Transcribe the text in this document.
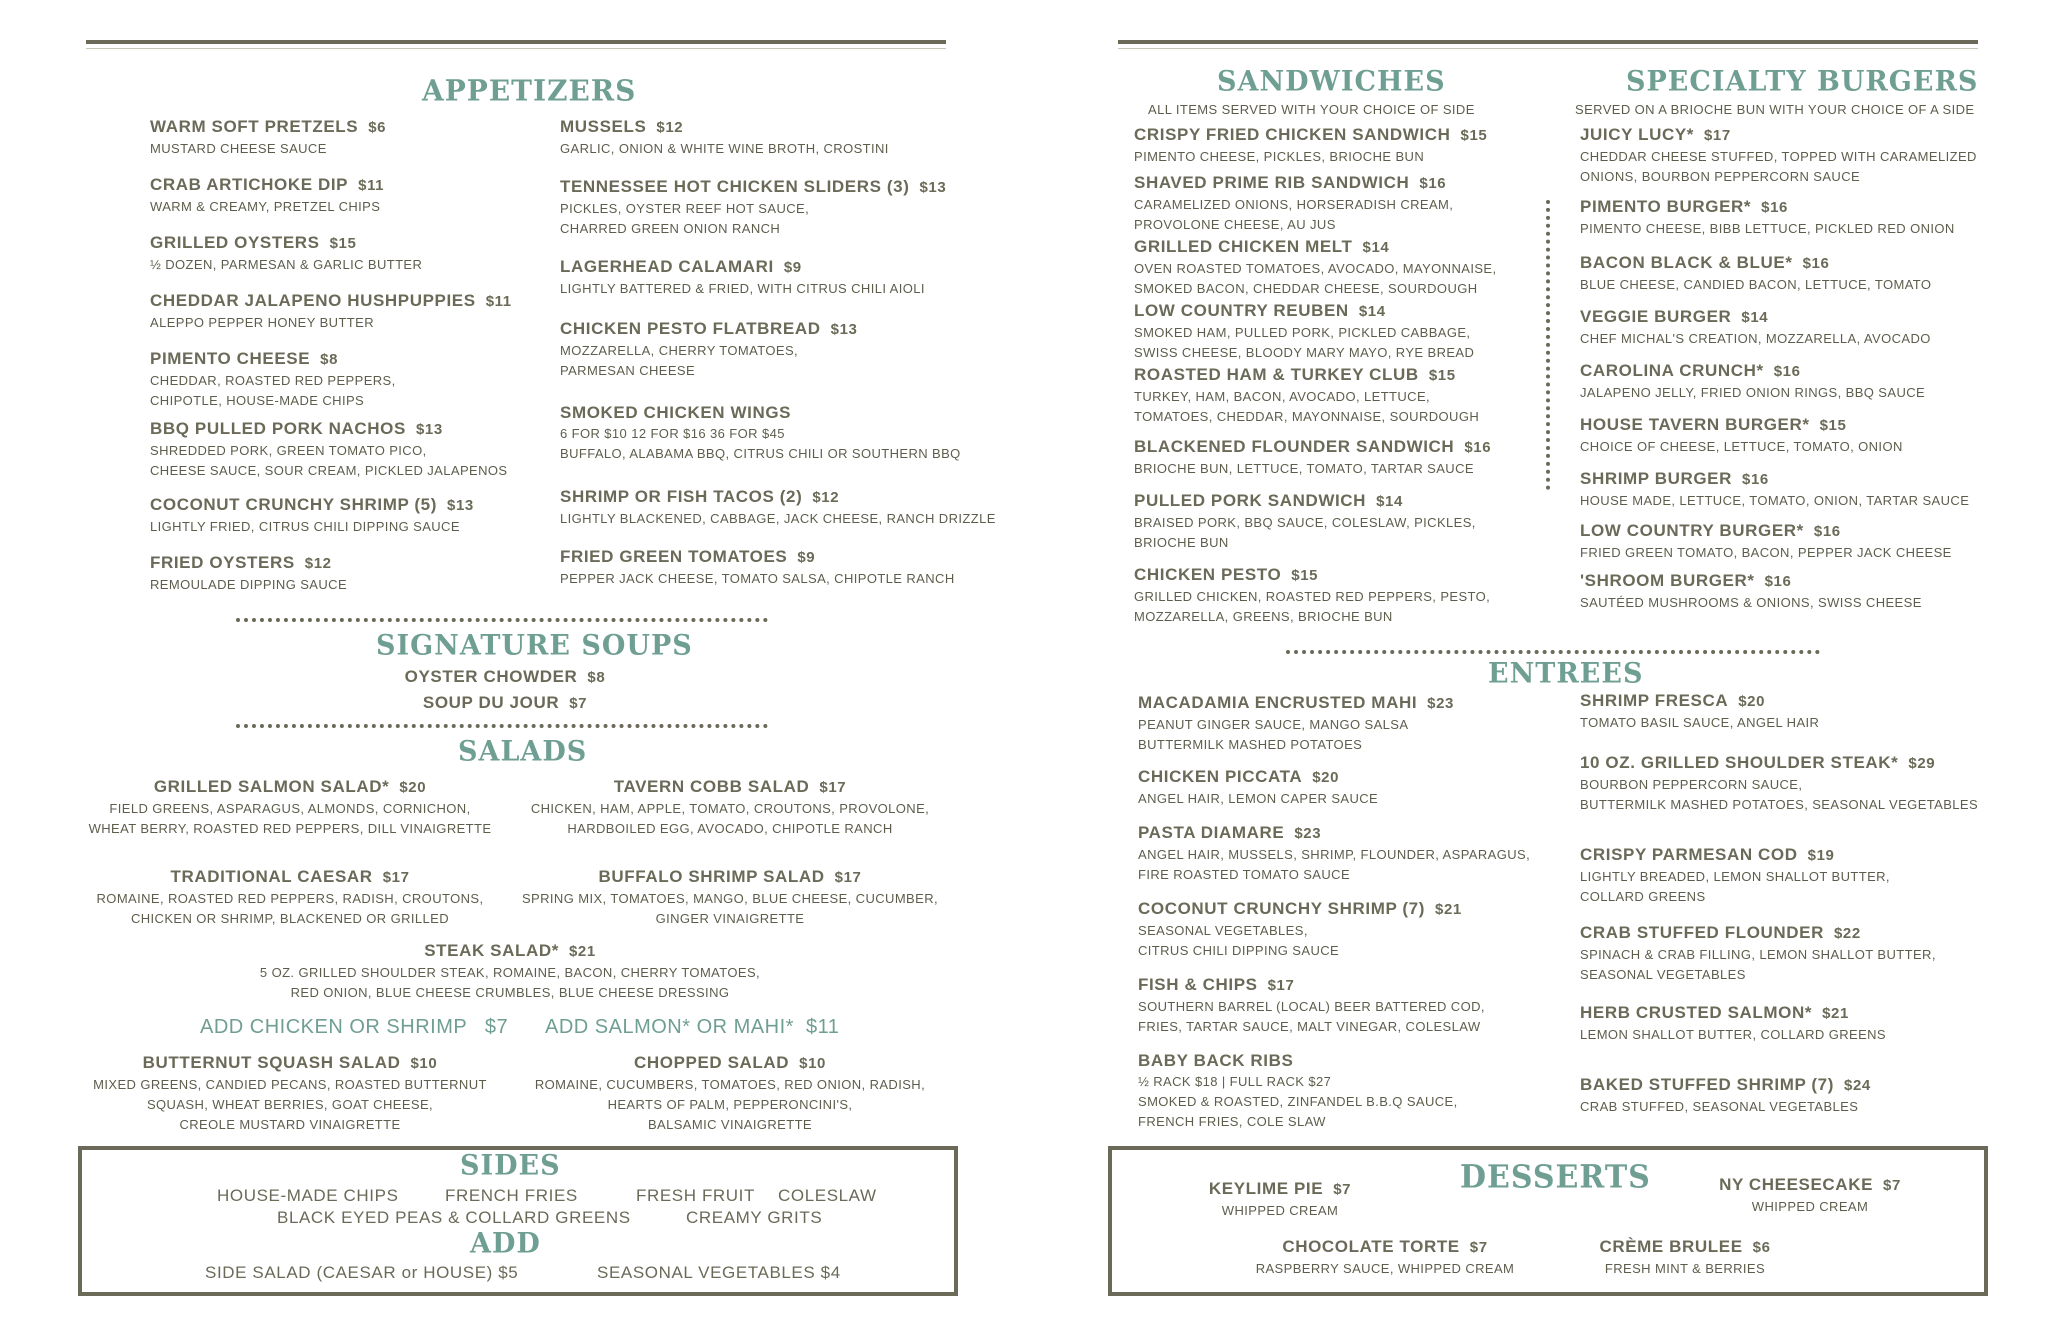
APPETIZERS
WARM SOFT PRETZELS $6
MUSTARD CHEESE SAUCE
CRAB ARTICHOKE DIP $11
WARM & CREAMY, PRETZEL CHIPS
GRILLED OYSTERS $15
½ DOZEN, PARMESAN & GARLIC BUTTER
CHEDDAR JALAPENO HUSHPUPPIES $11
ALEPPO PEPPER HONEY BUTTER
PIMENTO CHEESE $8
CHEDDAR, ROASTED RED PEPPERS,
CHIPOTLE, HOUSE-MADE CHIPS
BBQ PULLED PORK NACHOS $13
SHREDDED PORK, GREEN TOMATO PICO,
CHEESE SAUCE, SOUR CREAM, PICKLED JALAPENOS
COCONUT CRUNCHY SHRIMP (5) $13
LIGHTLY FRIED, CITRUS CHILI DIPPING SAUCE
FRIED OYSTERS $12
REMOULADE DIPPING SAUCE
MUSSELS $12
GARLIC, ONION & WHITE WINE BROTH, CROSTINI
TENNESSEE HOT CHICKEN SLIDERS (3) $13
PICKLES, OYSTER REEF HOT SAUCE,
CHARRED GREEN ONION RANCH
LAGERHEAD CALAMARI $9
LIGHTLY BATTERED & FRIED, WITH CITRUS CHILI AIOLI
CHICKEN PESTO FLATBREAD $13
MOZZARELLA, CHERRY TOMATOES,
PARMESAN CHEESE
SMOKED CHICKEN WINGS
6 FOR $10 12 FOR $16 36 FOR $45
BUFFALO, ALABAMA BBQ, CITRUS CHILI OR SOUTHERN BBQ
SHRIMP OR FISH TACOS (2) $12
LIGHTLY BLACKENED, CABBAGE, JACK CHEESE, RANCH DRIZZLE
FRIED GREEN TOMATOES $9
PEPPER JACK CHEESE, TOMATO SALSA, CHIPOTLE RANCH
SIGNATURE SOUPS
OYSTER CHOWDER $8
SOUP DU JOUR $7
SALADS
GRILLED SALMON SALAD* $20
FIELD GREENS, ASPARAGUS, ALMONDS, CORNICHON,
WHEAT BERRY, ROASTED RED PEPPERS, DILL VINAIGRETTE
TAVERN COBB SALAD $17
CHICKEN, HAM, APPLE, TOMATO, CROUTONS, PROVOLONE,
HARDBOILED EGG, AVOCADO, CHIPOTLE RANCH
TRADITIONAL CAESAR $17
ROMAINE, ROASTED RED PEPPERS, RADISH, CROUTONS,
CHICKEN OR SHRIMP, BLACKENED OR GRILLED
BUFFALO SHRIMP SALAD $17
SPRING MIX, TOMATOES, MANGO, BLUE CHEESE, CUCUMBER,
GINGER VINAIGRETTE
STEAK SALAD* $21
5 OZ. GRILLED SHOULDER STEAK, ROMAINE, BACON, CHERRY TOMATOES,
RED ONION, BLUE CHEESE CRUMBLES, BLUE CHEESE DRESSING
BUTTERNUT SQUASH SALAD $10
MIXED GREENS, CANDIED PECANS, ROASTED BUTTERNUT
SQUASH, WHEAT BERRIES, GOAT CHEESE,
CREOLE MUSTARD VINAIGRETTE
CHOPPED SALAD $10
ROMAINE, CUCUMBERS, TOMATOES, RED ONION, RADISH,
HEARTS OF PALM, PEPPERONCINI'S,
BALSAMIC VINAIGRETTE
ADD CHICKEN OR SHRIMP $7 ADD SALMON* OR MAHI* $11
SIDES
HOUSE-MADE CHIPS	FRENCH FRIES	FRESH FRUIT COLESLAW
BLACK EYED PEAS & COLLARD GREENS	CREAMY GRITS
ADD
SIDE SALAD (CAESAR or HOUSE) $5	SEASONAL VEGETABLES $4
SANDWICHES
ALL ITEMS SERVED WITH YOUR CHOICE OF SIDE
SPECIALTY BURGERS
SERVED ON A BRIOCHE BUN WITH YOUR CHOICE OF A SIDE
CRISPY FRIED CHICKEN SANDWICH $15
PIMENTO CHEESE, PICKLES, BRIOCHE BUN
SHAVED PRIME RIB SANDWICH $16
CARAMELIZED ONIONS, HORSERADISH CREAM,
PROVOLONE CHEESE, AU JUS
GRILLED CHICKEN MELT $14
OVEN ROASTED TOMATOES, AVOCADO, MAYONNAISE,
SMOKED BACON, CHEDDAR CHEESE, SOURDOUGH
LOW COUNTRY REUBEN $14
SMOKED HAM, PULLED PORK, PICKLED CABBAGE,
SWISS CHEESE, BLOODY MARY MAYO, RYE BREAD
ROASTED HAM & TURKEY CLUB $15
TURKEY, HAM, BACON, AVOCADO, LETTUCE,
TOMATOES, CHEDDAR, MAYONNAISE, SOURDOUGH
BLACKENED FLOUNDER SANDWICH $16
BRIOCHE BUN, LETTUCE, TOMATO, TARTAR SAUCE
PULLED PORK SANDWICH $14
BRAISED PORK, BBQ SAUCE, COLESLAW, PICKLES,
BRIOCHE BUN
CHICKEN PESTO $15
GRILLED CHICKEN, ROASTED RED PEPPERS, PESTO,
MOZZARELLA, GREENS, BRIOCHE BUN
JUICY LUCY* $17
CHEDDAR CHEESE STUFFED, TOPPED WITH CARAMELIZED
ONIONS, BOURBON PEPPERCORN SAUCE
PIMENTO BURGER* $16
PIMENTO CHEESE, BIBB LETTUCE, PICKLED RED ONION
BACON BLACK & BLUE* $16
BLUE CHEESE, CANDIED BACON, LETTUCE, TOMATO
VEGGIE BURGER $14
CHEF MICHAL'S CREATION, MOZZARELLA, AVOCADO
CAROLINA CRUNCH* $16
JALAPENO JELLY, FRIED ONION RINGS, BBQ SAUCE
HOUSE TAVERN BURGER* $15
CHOICE OF CHEESE, LETTUCE, TOMATO, ONION
SHRIMP BURGER $16
HOUSE MADE, LETTUCE, TOMATO, ONION, TARTAR SAUCE
LOW COUNTRY BURGER* $16
FRIED GREEN TOMATO, BACON, PEPPER JACK CHEESE
'SHROOM BURGER* $16
SAUTÉED MUSHROOMS & ONIONS, SWISS CHEESE
ENTREES
MACADAMIA ENCRUSTED MAHI $23
PEANUT GINGER SAUCE, MANGO SALSA
BUTTERMILK MASHED POTATOES
CHICKEN PICCATA $20
ANGEL HAIR, LEMON CAPER SAUCE
PASTA DIAMARE $23
ANGEL HAIR, MUSSELS, SHRIMP, FLOUNDER, ASPARAGUS,
FIRE ROASTED TOMATO SAUCE
COCONUT CRUNCHY SHRIMP (7) $21
SEASONAL VEGETABLES,
CITRUS CHILI DIPPING SAUCE
FISH & CHIPS $17
SOUTHERN BARREL (LOCAL) BEER BATTERED COD,
FRIES, TARTAR SAUCE, MALT VINEGAR, COLESLAW
BABY BACK RIBS
½ RACK $18 | FULL RACK $27
SMOKED & ROASTED, ZINFANDEL B.B.Q SAUCE,
FRENCH FRIES, COLE SLAW
SHRIMP FRESCA $20
TOMATO BASIL SAUCE, ANGEL HAIR
10 OZ. GRILLED SHOULDER STEAK* $29
BOURBON PEPPERCORN SAUCE,
BUTTERMILK MASHED POTATOES, SEASONAL VEGETABLES
CRISPY PARMESAN COD $19
LIGHTLY BREADED, LEMON SHALLOT BUTTER,
COLLARD GREENS
CRAB STUFFED FLOUNDER $22
SPINACH & CRAB FILLING, LEMON SHALLOT BUTTER,
SEASONAL VEGETABLES
HERB CRUSTED SALMON* $21
LEMON SHALLOT BUTTER, COLLARD GREENS
BAKED STUFFED SHRIMP (7) $24
CRAB STUFFED, SEASONAL VEGETABLES
DESSERTS
KEYLIME PIE $7
WHIPPED CREAM
NY CHEESECAKE $7
WHIPPED CREAM
CHOCOLATE TORTE $7
RASPBERRY SAUCE, WHIPPED CREAM
CRÈME BRULEE $6
FRESH MINT & BERRIES
